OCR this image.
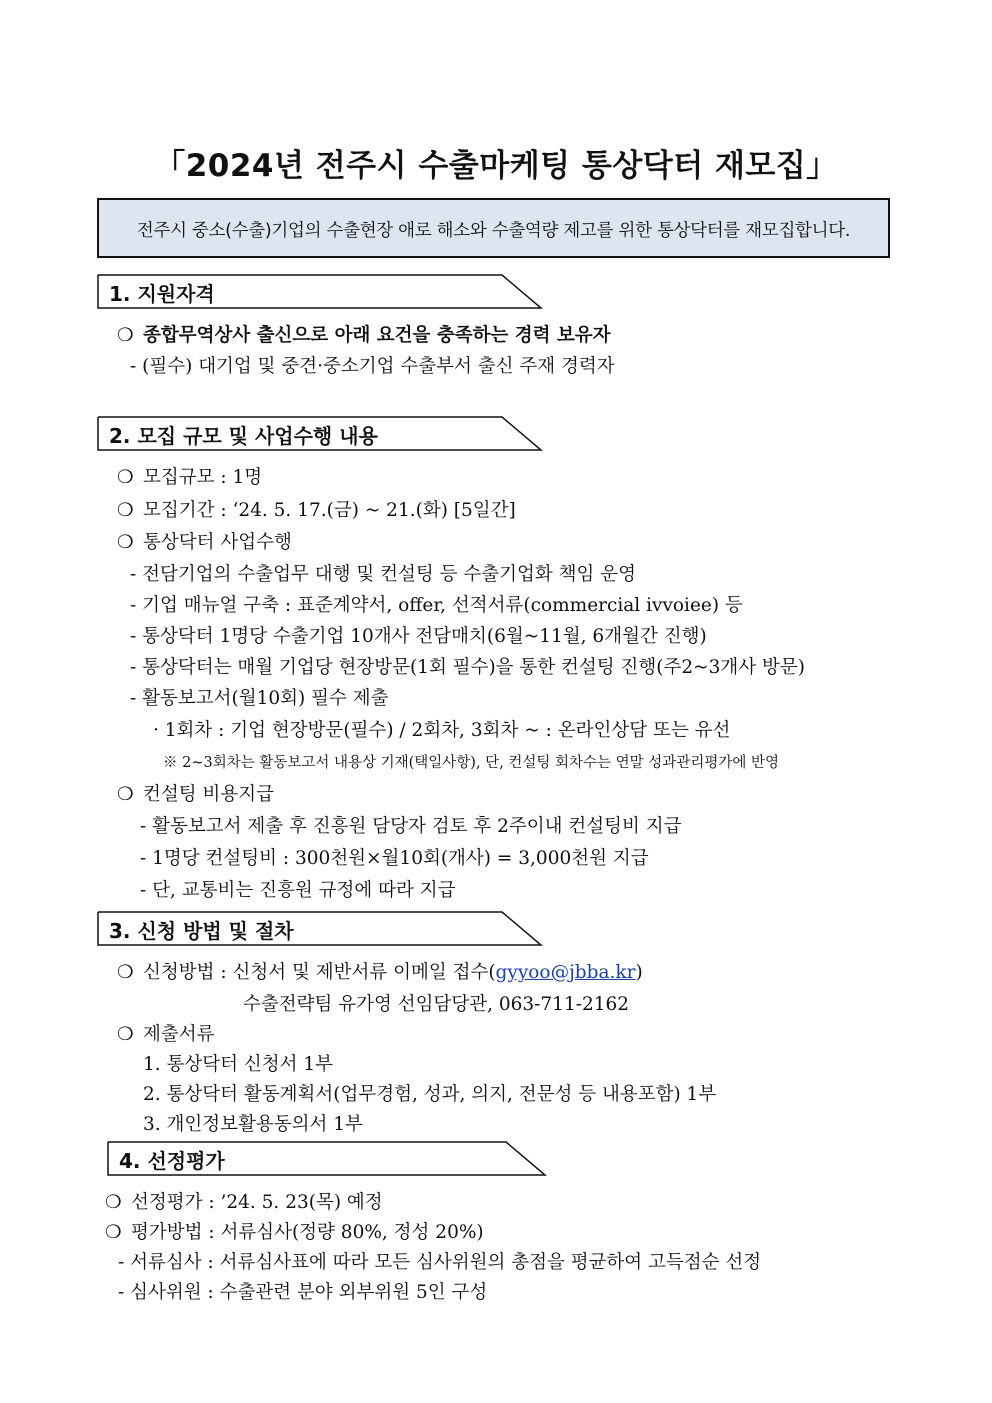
「2024년 전주시 수출마케팅 통상닥터 재모집」
전주시 중소(수출)기업의 수출현장 애로 해소와 수출역량 제고를 위한 통상닥터를 재모집합니다.
1. 지원자격
❍ 종합무역상사 출신으로 아래 요건을 충족하는 경력 보유자
- (필수) 대기업 및 중견·중소기업 수출부서 출신 주재 경력자
2. 모집 규모 및 사업수행 내용
❍ 모집규모 : 1명
❍ 모집기간 : ‘24. 5. 17.(금) ~ 21.(화) [5일간]
❍ 통상닥터 사업수행
- 전담기업의 수출업무 대행 및 컨설팅 등 수출기업화 책임 운영
- 기업 매뉴얼 구축 : 표준계약서, offer, 선적서류(commercial ivvoiee) 등
- 통상닥터 1명당 수출기업 10개사 전담매치(6월~11월, 6개월간 진행)
- 통상닥터는 매월 기업당 현장방문(1회 필수)을 통한 컨설팅 진행(주2~3개사 방문)
- 활동보고서(월10회) 필수 제출
· 1회차 : 기업 현장방문(필수) / 2회차, 3회차 ~ : 온라인상담 또는 유선
※ 2~3회차는 활동보고서 내용상 기재(택일사항), 단, 컨설팅 회차수는 연말 성과관리평가에 반영
❍ 컨설팅 비용지급
- 활동보고서 제출 후 진흥원 담당자 검토 후 2주이내 컨설팅비 지급
- 1명당 컨설팅비 : 300천원×월10회(개사) = 3,000천원 지급
- 단, 교통비는 진흥원 규정에 따라 지급
3. 신청 방법 및 절차
❍ 신청방법 : 신청서 및 제반서류 이메일 접수(gyyoo@jbba.kr)
수출전략팀 유가영 선임담당관, 063-711-2162
❍ 제출서류
1. 통상닥터 신청서 1부
2. 통상닥터 활동계획서(업무경험, 성과, 의지, 전문성 등 내용포함) 1부
3. 개인정보활용동의서 1부
4. 선정평가
❍ 선정평가 : ’24. 5. 23(목) 예정
❍ 평가방법 : 서류심사(정량 80%, 정성 20%)
- 서류심사 : 서류심사표에 따라 모든 심사위원의 총점을 평균하여 고득점순 선정
- 심사위원 : 수출관련 분야 외부위원 5인 구성
